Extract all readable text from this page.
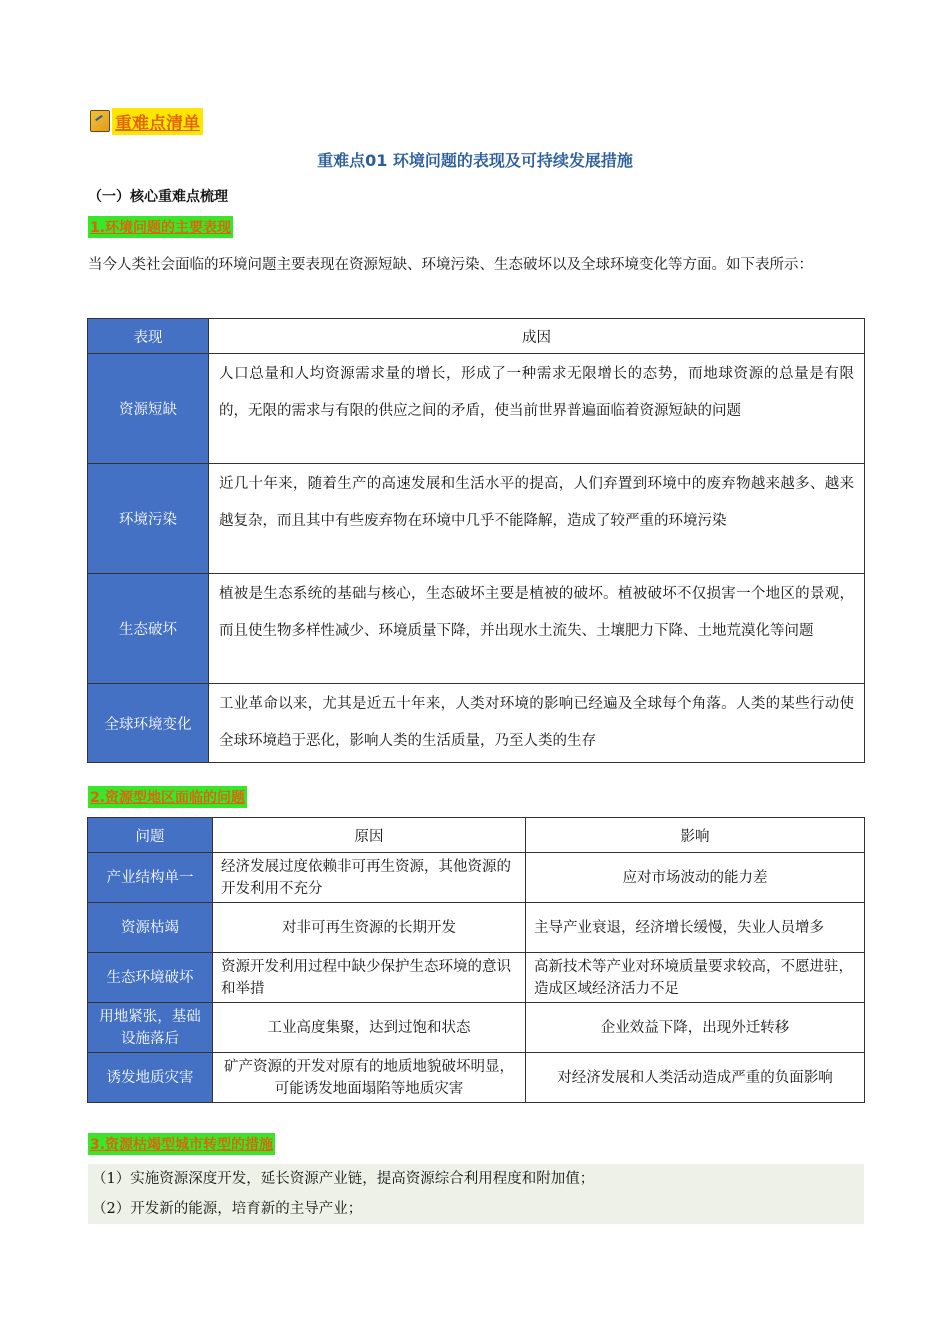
重难点清单
重难点01 环境问题的表现及可持续发展措施
（一）核心重难点梳理
1.环境问题的主要表现
当今人类社会面临的环境问题主要表现在资源短缺、环境污染、生态破坏以及全球环境变化等方面。如下表所示：
表现	成因
资源短缺	人口总量和人均资源需求量的增长，形成了一种需求无限增长的态势，而地球资源的总量是有限的，无限的需求与有限的供应之间的矛盾，使当前世界普遍面临着资源短缺的问题
环境污染	近几十年来，随着生产的高速发展和生活水平的提高，人们弃置到环境中的废弃物越来越多、越来越复杂，而且其中有些废弃物在环境中几乎不能降解，造成了较严重的环境污染
生态破坏	植被是生态系统的基础与核心，生态破坏主要是植被的破坏。植被破坏不仅损害一个地区的景观，而且使生物多样性减少、环境质量下降，并出现水土流失、土壤肥力下降、土地荒漠化等问题
全球环境变化	工业革命以来，尤其是近五十年来，人类对环境的影响已经遍及全球每个角落。人类的某些行动使全球环境趋于恶化，影响人类的生活质量，乃至人类的生存
2.资源型地区面临的问题
问题	原因	影响
产业结构单一	经济发展过度依赖非可再生资源，其他资源的开发利用不充分	应对市场波动的能力差
资源枯竭	对非可再生资源的长期开发	主导产业衰退，经济增长缓慢，失业人员增多
生态环境破坏	资源开发利用过程中缺少保护生态环境的意识和举措	高新技术等产业对环境质量要求较高，不愿进驻，造成区域经济活力不足
用地紧张，基础设施落后	工业高度集聚，达到过饱和状态	企业效益下降，出现外迁转移
诱发地质灾害	矿产资源的开发对原有的地质地貌破坏明显，可能诱发地面塌陷等地质灾害	对经济发展和人类活动造成严重的负面影响
3.资源枯竭型城市转型的措施
（1）实施资源深度开发，延长资源产业链，提高资源综合利用程度和附加值；
（2）开发新的能源，培育新的主导产业；
